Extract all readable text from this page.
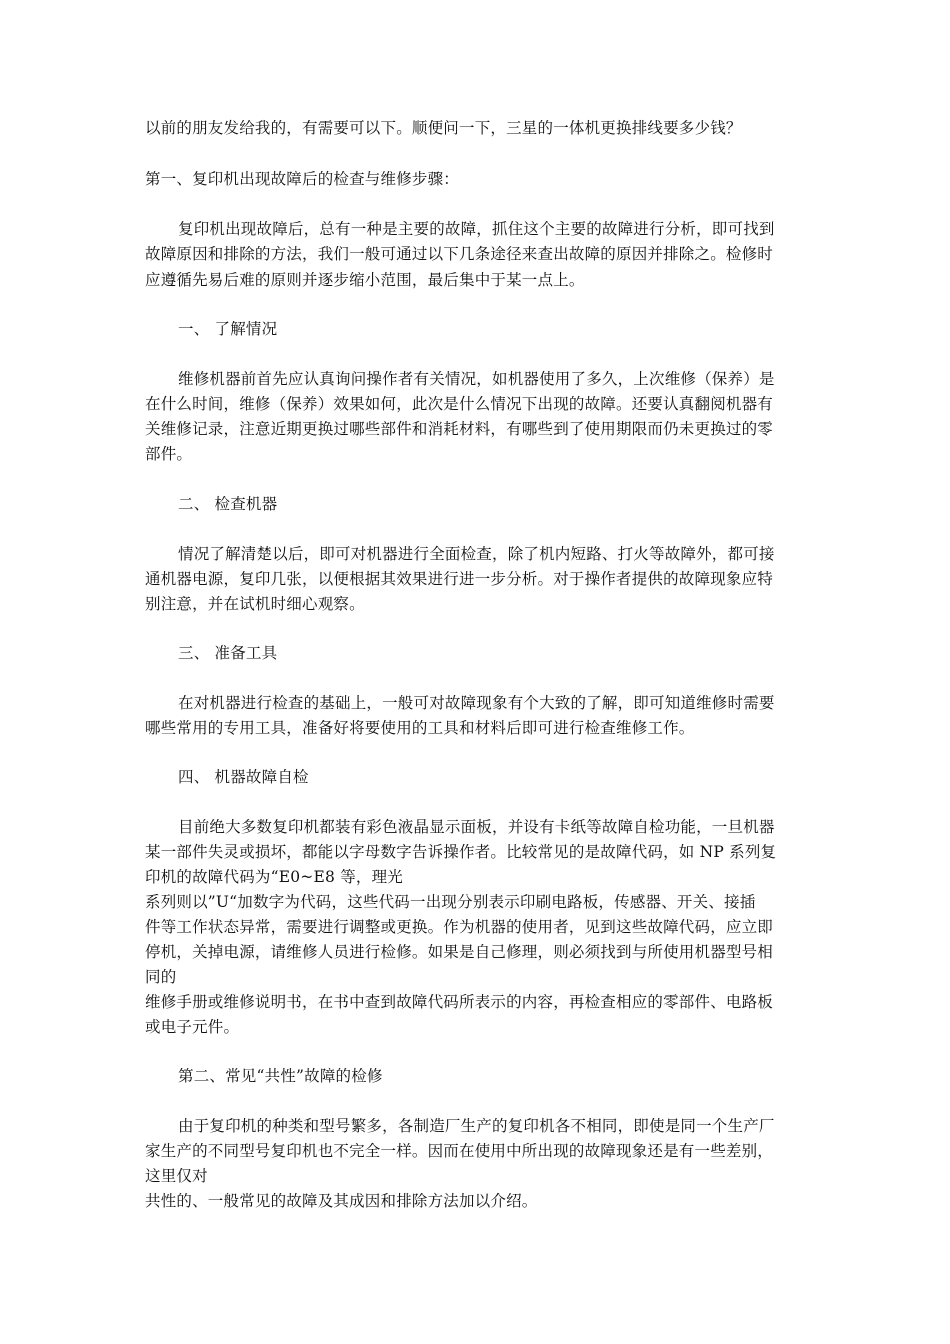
以前的朋友发给我的，有需要可以下。顺便问一下，三星的一体机更换排线要多少钱？
第一、复印机出现故障后的检查与维修步骤：
复印机出现故障后，总有一种是主要的故障，抓住这个主要的故障进行分析，即可找到
故障原因和排除的方法，我们一般可通过以下几条途径来查出故障的原因并排除之。检修时
应遵循先易后难的原则并逐步缩小范围，最后集中于某一点上。
一、 了解情况
维修机器前首先应认真询问操作者有关情况，如机器使用了多久，上次维修（保养）是
在什么时间，维修（保养）效果如何，此次是什么情况下出现的故障。还要认真翻阅机器有
关维修记录，注意近期更换过哪些部件和消耗材料，有哪些到了使用期限而仍未更换过的零
部件。
二、 检查机器
情况了解清楚以后，即可对机器进行全面检查，除了机内短路、打火等故障外，都可接
通机器电源，复印几张，以便根据其效果进行进一步分析。对于操作者提供的故障现象应特
别注意，并在试机时细心观察。
三、 准备工具
在对机器进行检查的基础上，一般可对故障现象有个大致的了解，即可知道维修时需要
哪些常用的专用工具，准备好将要使用的工具和材料后即可进行检查维修工作。
四、 机器故障自检
目前绝大多数复印机都装有彩色液晶显示面板，并设有卡纸等故障自检功能，一旦机器
某一部件失灵或损坏，都能以字母数字告诉操作者。比较常见的是故障代码，如 NP 系列复
印机的故障代码为“E0~E8 等，理光
系列则以”U“加数字为代码，这些代码一出现分别表示印刷电路板，传感器、开关、接插
件等工作状态异常，需要进行调整或更换。作为机器的使用者，见到这些故障代码，应立即
停机，关掉电源，请维修人员进行检修。如果是自己修理，则必须找到与所使用机器型号相
同的
维修手册或维修说明书，在书中查到故障代码所表示的内容，再检查相应的零部件、电路板
或电子元件。
第二、常见“共性”故障的检修
由于复印机的种类和型号繁多，各制造厂生产的复印机各不相同，即使是同一个生产厂
家生产的不同型号复印机也不完全一样。因而在使用中所出现的故障现象还是有一些差别，
这里仅对
共性的、一般常见的故障及其成因和排除方法加以介绍。
